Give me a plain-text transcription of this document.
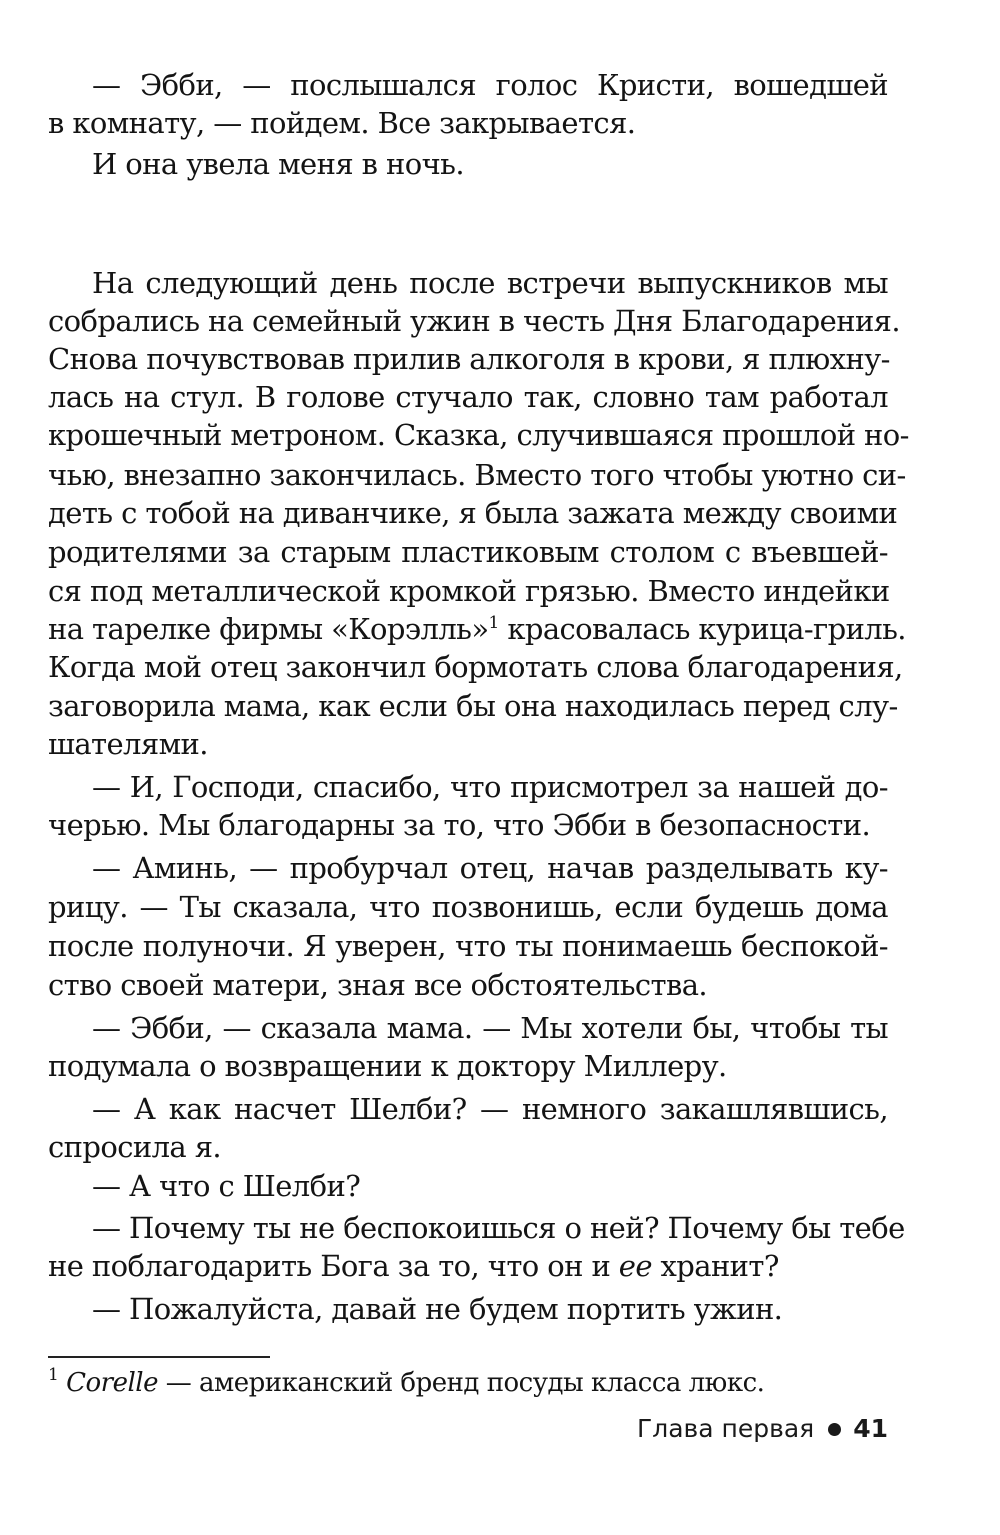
— Эбби, — послышался голос Кристи, вошедшей
в комнату, — пойдем. Все закрывается.
И она увела меня в ночь.
На следующий день после встречи выпускников мы
собрались на семейный ужин в честь Дня Благодарения.
Снова почувствовав прилив алкоголя в крови, я плюхну-
лась на стул. В голове стучало так, словно там работал
крошечный метроном. Сказка, случившаяся прошлой но-
чью, внезапно закончилась. Вместо того чтобы уютно си-
деть с тобой на диванчике, я была зажата между своими
родителями за старым пластиковым столом с въевшей-
ся под металлической кромкой грязью. Вместо индейки
на тарелке фирмы «Корэлль»$^1$ красовалась курица-гриль.
Когда мой отец закончил бормотать слова благодарения,
заговорила мама, как если бы она находилась перед слу-
шателями.
— И, Господи, спасибо, что присмотрел за нашей до-
черью. Мы благодарны за то, что Эбби в безопасности.
— Аминь, — пробурчал отец, начав разделывать ку-
рицу. — Ты сказала, что позвонишь, если будешь дома
после полуночи. Я уверен, что ты понимаешь беспокой-
ство своей матери, зная все обстоятельства.
— Эбби, — сказала мама. — Мы хотели бы, чтобы ты
подумала о возвращении к доктору Миллеру.
— А как насчет Шелби? — немного закашлявшись,
спросила я.
— А что с Шелби?
— Почему ты не беспокоишься о ней? Почему бы тебе
не поблагодарить Бога за то, что он и ее хранит?
— Пожалуйста, давай не будем портить ужин.
$^1$ Corelle — американский бренд посуды класса люкс.
Глава первая 41
